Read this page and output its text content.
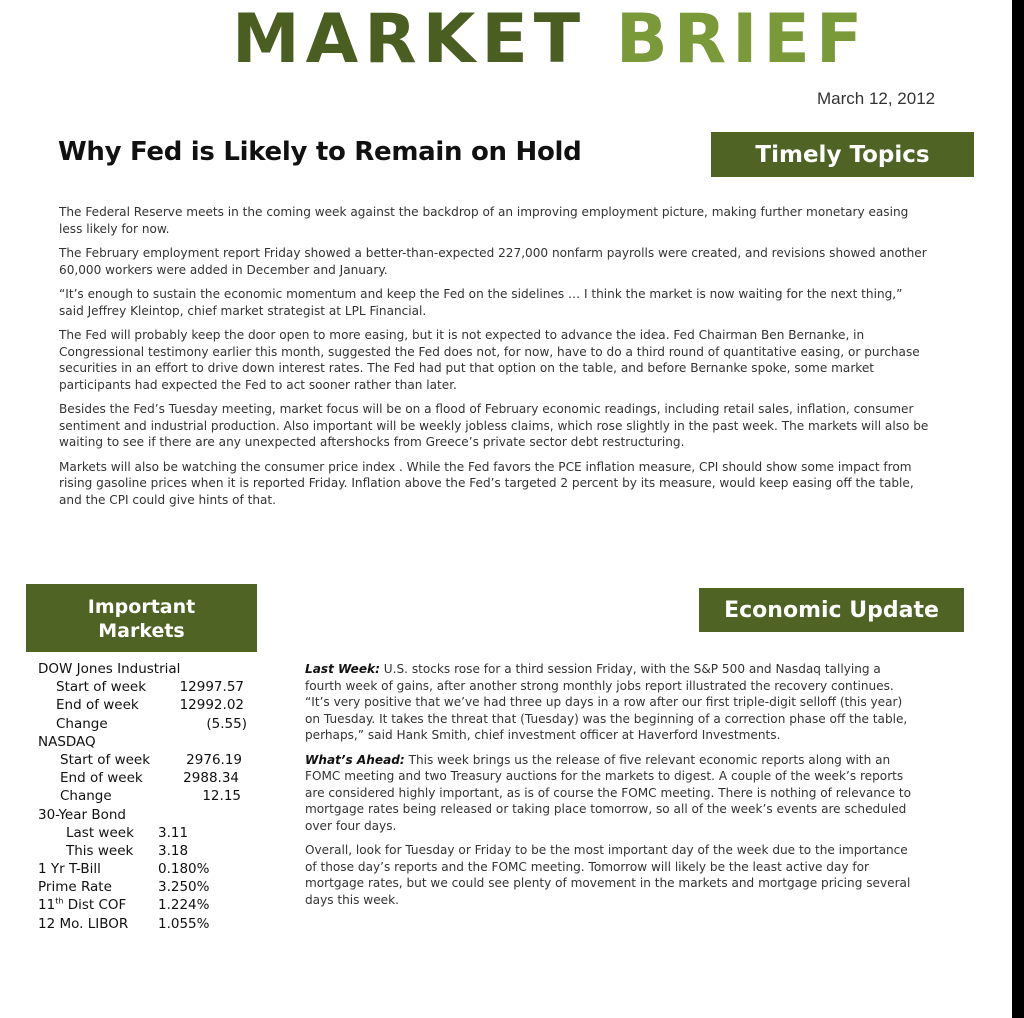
MARKET BRIEF
March 12, 2012
Why Fed is Likely to Remain on Hold	Timely Topics

The Federal Reserve meets in the coming week against the backdrop of an improving employment picture, making further monetary easing less likely for now.

The February employment report Friday showed a better-than-expected 227,000 nonfarm payrolls were created, and revisions showed another 60,000 workers were added in December and January.

“It’s enough to sustain the economic momentum and keep the Fed on the sidelines … I think the market is now waiting for the next thing,” said Jeffrey Kleintop, chief market strategist at LPL Financial.

The Fed will probably keep the door open to more easing, but it is not expected to advance the idea. Fed Chairman Ben Bernanke, in Congressional testimony earlier this month, suggested the Fed does not, for now, have to do a third round of quantitative easing, or purchase securities in an effort to drive down interest rates. The Fed had put that option on the table, and before Bernanke spoke, some market participants had expected the Fed to act sooner rather than later.

Besides the Fed’s Tuesday meeting, market focus will be on a flood of February economic readings, including retail sales, inflation, consumer sentiment and industrial production. Also important will be weekly jobless claims, which rose slightly in the past week. The markets will also be waiting to see if there are any unexpected aftershocks from Greece’s private sector debt restructuring.

Markets will also be watching the consumer price index . While the Fed favors the PCE inflation measure, CPI should show some impact from rising gasoline prices when it is reported Friday. Inflation above the Fed’s targeted 2 percent by its measure, would keep easing off the table, and the CPI could give hints of that.

Important Markets
DOW Jones Industrial
Start of week	12997.57
End of week	12992.02
Change	(5.55)
NASDAQ
Start of week	2976.19
End of week	2988.34
Change	12.15
30-Year Bond
Last week 3.11
This week 3.18
1 Yr T-Bill	0.180%
Prime Rate	3.250%
11th Dist COF 1.224%
12 Mo. LIBOR 1.055%
Economic Update

Last Week: U.S. stocks rose for a third session Friday, with the S&P 500 and Nasdaq tallying a fourth week of gains, after another strong monthly jobs report illustrated the recovery continues. “It’s very positive that we’ve had three up days in a row after our first triple-digit selloff (this year) on Tuesday. It takes the threat that (Tuesday) was the beginning of a correction phase off the table, perhaps,” said Hank Smith, chief investment officer at Haverford Investments.

What’s Ahead: This week brings us the release of five relevant economic reports along with an FOMC meeting and two Treasury auctions for the markets to digest. A couple of the week’s reports are considered highly important, as is of course the FOMC meeting. There is nothing of relevance to mortgage rates being released or taking place tomorrow, so all of the week’s events are scheduled over four days.

Overall, look for Tuesday or Friday to be the most important day of the week due to the importance of those day’s reports and the FOMC meeting. Tomorrow will likely be the least active day for mortgage rates, but we could see plenty of movement in the markets and mortgage pricing several days this week.
